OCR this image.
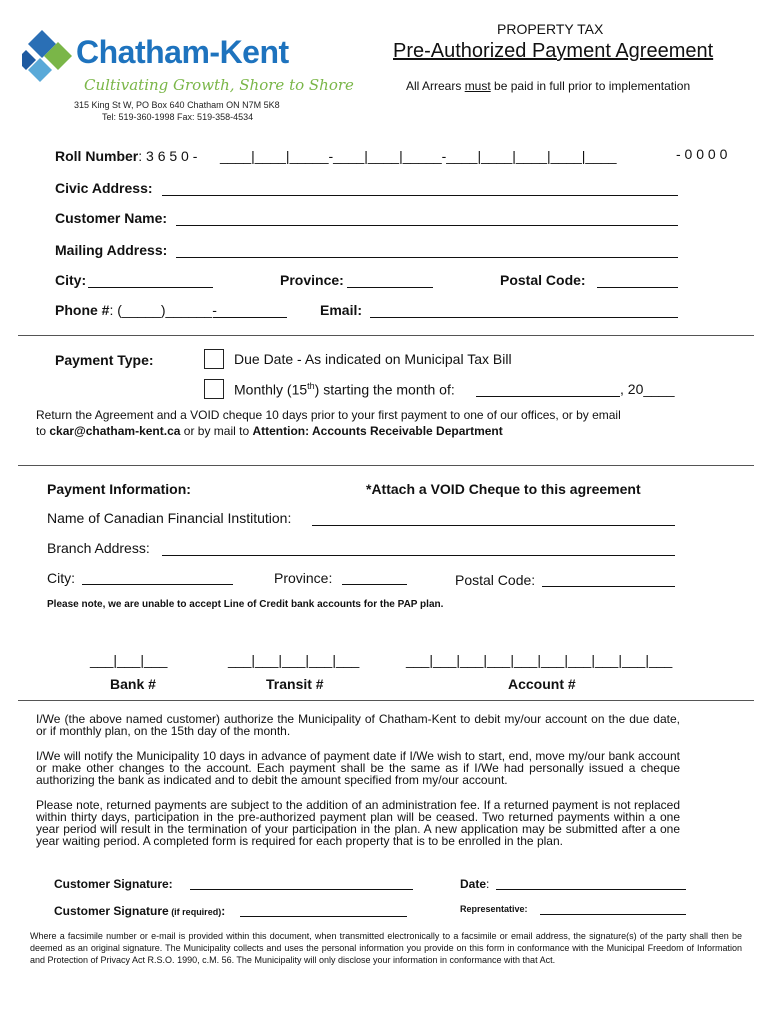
Chatham-Kent
Cultivating Growth, Shore to Shore
315 King St W, PO Box 640 Chatham ON N7M 5K8
Tel: 519-360-1998 Fax: 519-358-4534
PROPERTY TAX
Pre-Authorized Payment Agreement
All Arrears must be paid in full prior to implementation
Roll Number: 3 6 5 0 - ____|____|_____-____|____|_____-____|____|____|____|____	- 0 0 0 0
Civic Address:
Customer Name:
Mailing Address:
City:	Province:	Postal Code:
Phone #: (_____)______-	Email:
Payment Type:	Due Date - As indicated on Municipal Tax Bill
Monthly (15th) starting the month of:	, 20____
Return the Agreement and a VOID cheque 10 days prior to your first payment to one of our offices, or by email
to ckar@chatham-kent.ca or by mail to Attention: Accounts Receivable Department
Payment Information:	*Attach a VOID Cheque to this agreement
Name of Canadian Financial Institution:
Branch Address:
City:	Province:	Postal Code:
Please note, we are unable to accept Line of Credit bank accounts for the PAP plan.
___|___|___	___|___|___|___|___	___|___|___|___|___|___|___|___|___|___
Bank #	Transit #	Account #
I/We (the above named customer) authorize the Municipality of Chatham-Kent to debit my/our account on the due date, or if monthly plan, on the 15th day of the month.
I/We will notify the Municipality 10 days in advance of payment date if I/We wish to start, end, move my/our bank account or make other changes to the account. Each payment shall be the same as if I/We had personally issued a cheque authorizing the bank as indicated and to debit the amount specified from my/our account.
Please note, returned payments are subject to the addition of an administration fee. If a returned payment is not replaced within thirty days, participation in the pre-authorized payment plan will be ceased. Two returned payments within a one year period will result in the termination of your participation in the plan. A new application may be submitted after a one year waiting period. A completed form is required for each property that is to be enrolled in the plan.
Customer Signature:
Customer Signature (if required):
Date:
Representative:
Where a facsimile number or e-mail is provided within this document, when transmitted electronically to a facsimile or email address, the signature(s) of the party shall then be deemed as an original signature. The Municipality collects and uses the personal information you provide on this form in conformance with the Municipal Freedom of Information and Protection of Privacy Act R.S.O. 1990, c.M. 56. The Municipality will only disclose your information in conformance with that Act.
